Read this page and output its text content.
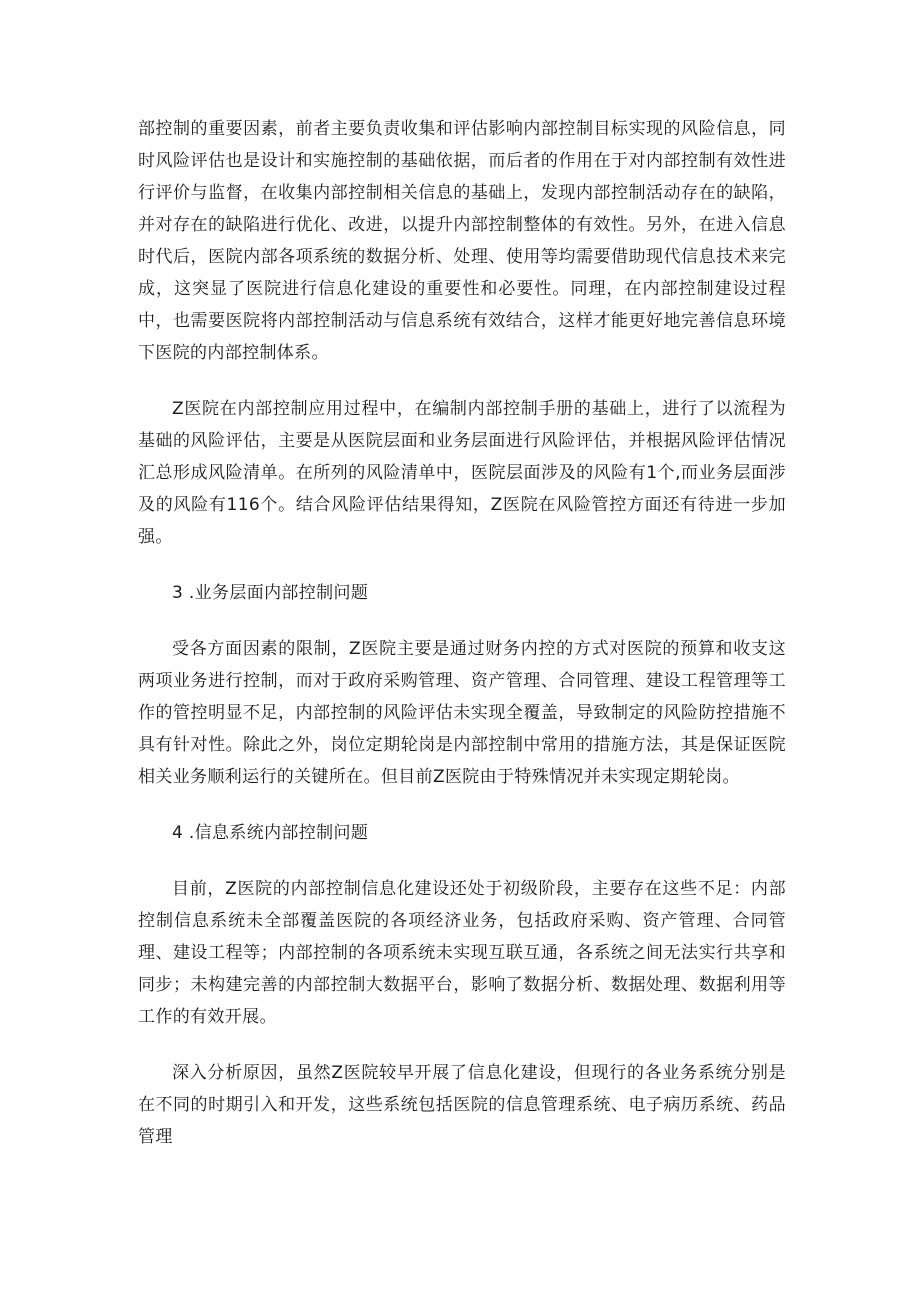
部控制的重要因素，前者主要负责收集和评估影响内部控制目标实现的风险信息，同时风险评估也是设计和实施控制的基础依据，而后者的作用在于对内部控制有效性进行评价与监督，在收集内部控制相关信息的基础上，发现内部控制活动存在的缺陷，并对存在的缺陷进行优化、改进，以提升内部控制整体的有效性。另外，在进入信息时代后，医院内部各项系统的数据分析、处理、使用等均需要借助现代信息技术来完成，这突显了医院进行信息化建设的重要性和必要性。同理，在内部控制建设过程中，也需要医院将内部控制活动与信息系统有效结合，这样才能更好地完善信息环境下医院的内部控制体系。

Z医院在内部控制应用过程中，在编制内部控制手册的基础上，进行了以流程为基础的风险评估，主要是从医院层面和业务层面进行风险评估，并根据风险评估情况汇总形成风险清单。在所列的风险清单中，医院层面涉及的风险有1个,而业务层面涉及的风险有116个。结合风险评估结果得知，Z医院在风险管控方面还有待进一步加强。

3 .业务层面内部控制问题

受各方面因素的限制，Z医院主要是通过财务内控的方式对医院的预算和收支这两项业务进行控制，而对于政府采购管理、资产管理、合同管理、建设工程管理等工作的管控明显不足，内部控制的风险评估未实现全覆盖，导致制定的风险防控措施不具有针对性。除此之外，岗位定期轮岗是内部控制中常用的措施方法，其是保证医院相关业务顺利运行的关键所在。但目前Z医院由于特殊情况并未实现定期轮岗。

4 .信息系统内部控制问题

目前，Z医院的内部控制信息化建设还处于初级阶段，主要存在这些不足：内部控制信息系统未全部覆盖医院的各项经济业务，包括政府采购、资产管理、合同管理、建设工程等；内部控制的各项系统未实现互联互通，各系统之间无法实行共享和同步；未构建完善的内部控制大数据平台，影响了数据分析、数据处理、数据利用等工作的有效开展。

深入分析原因，虽然Z医院较早开展了信息化建设，但现行的各业务系统分别是在不同的时期引入和开发，这些系统包括医院的信息管理系统、电子病历系统、药品管理
